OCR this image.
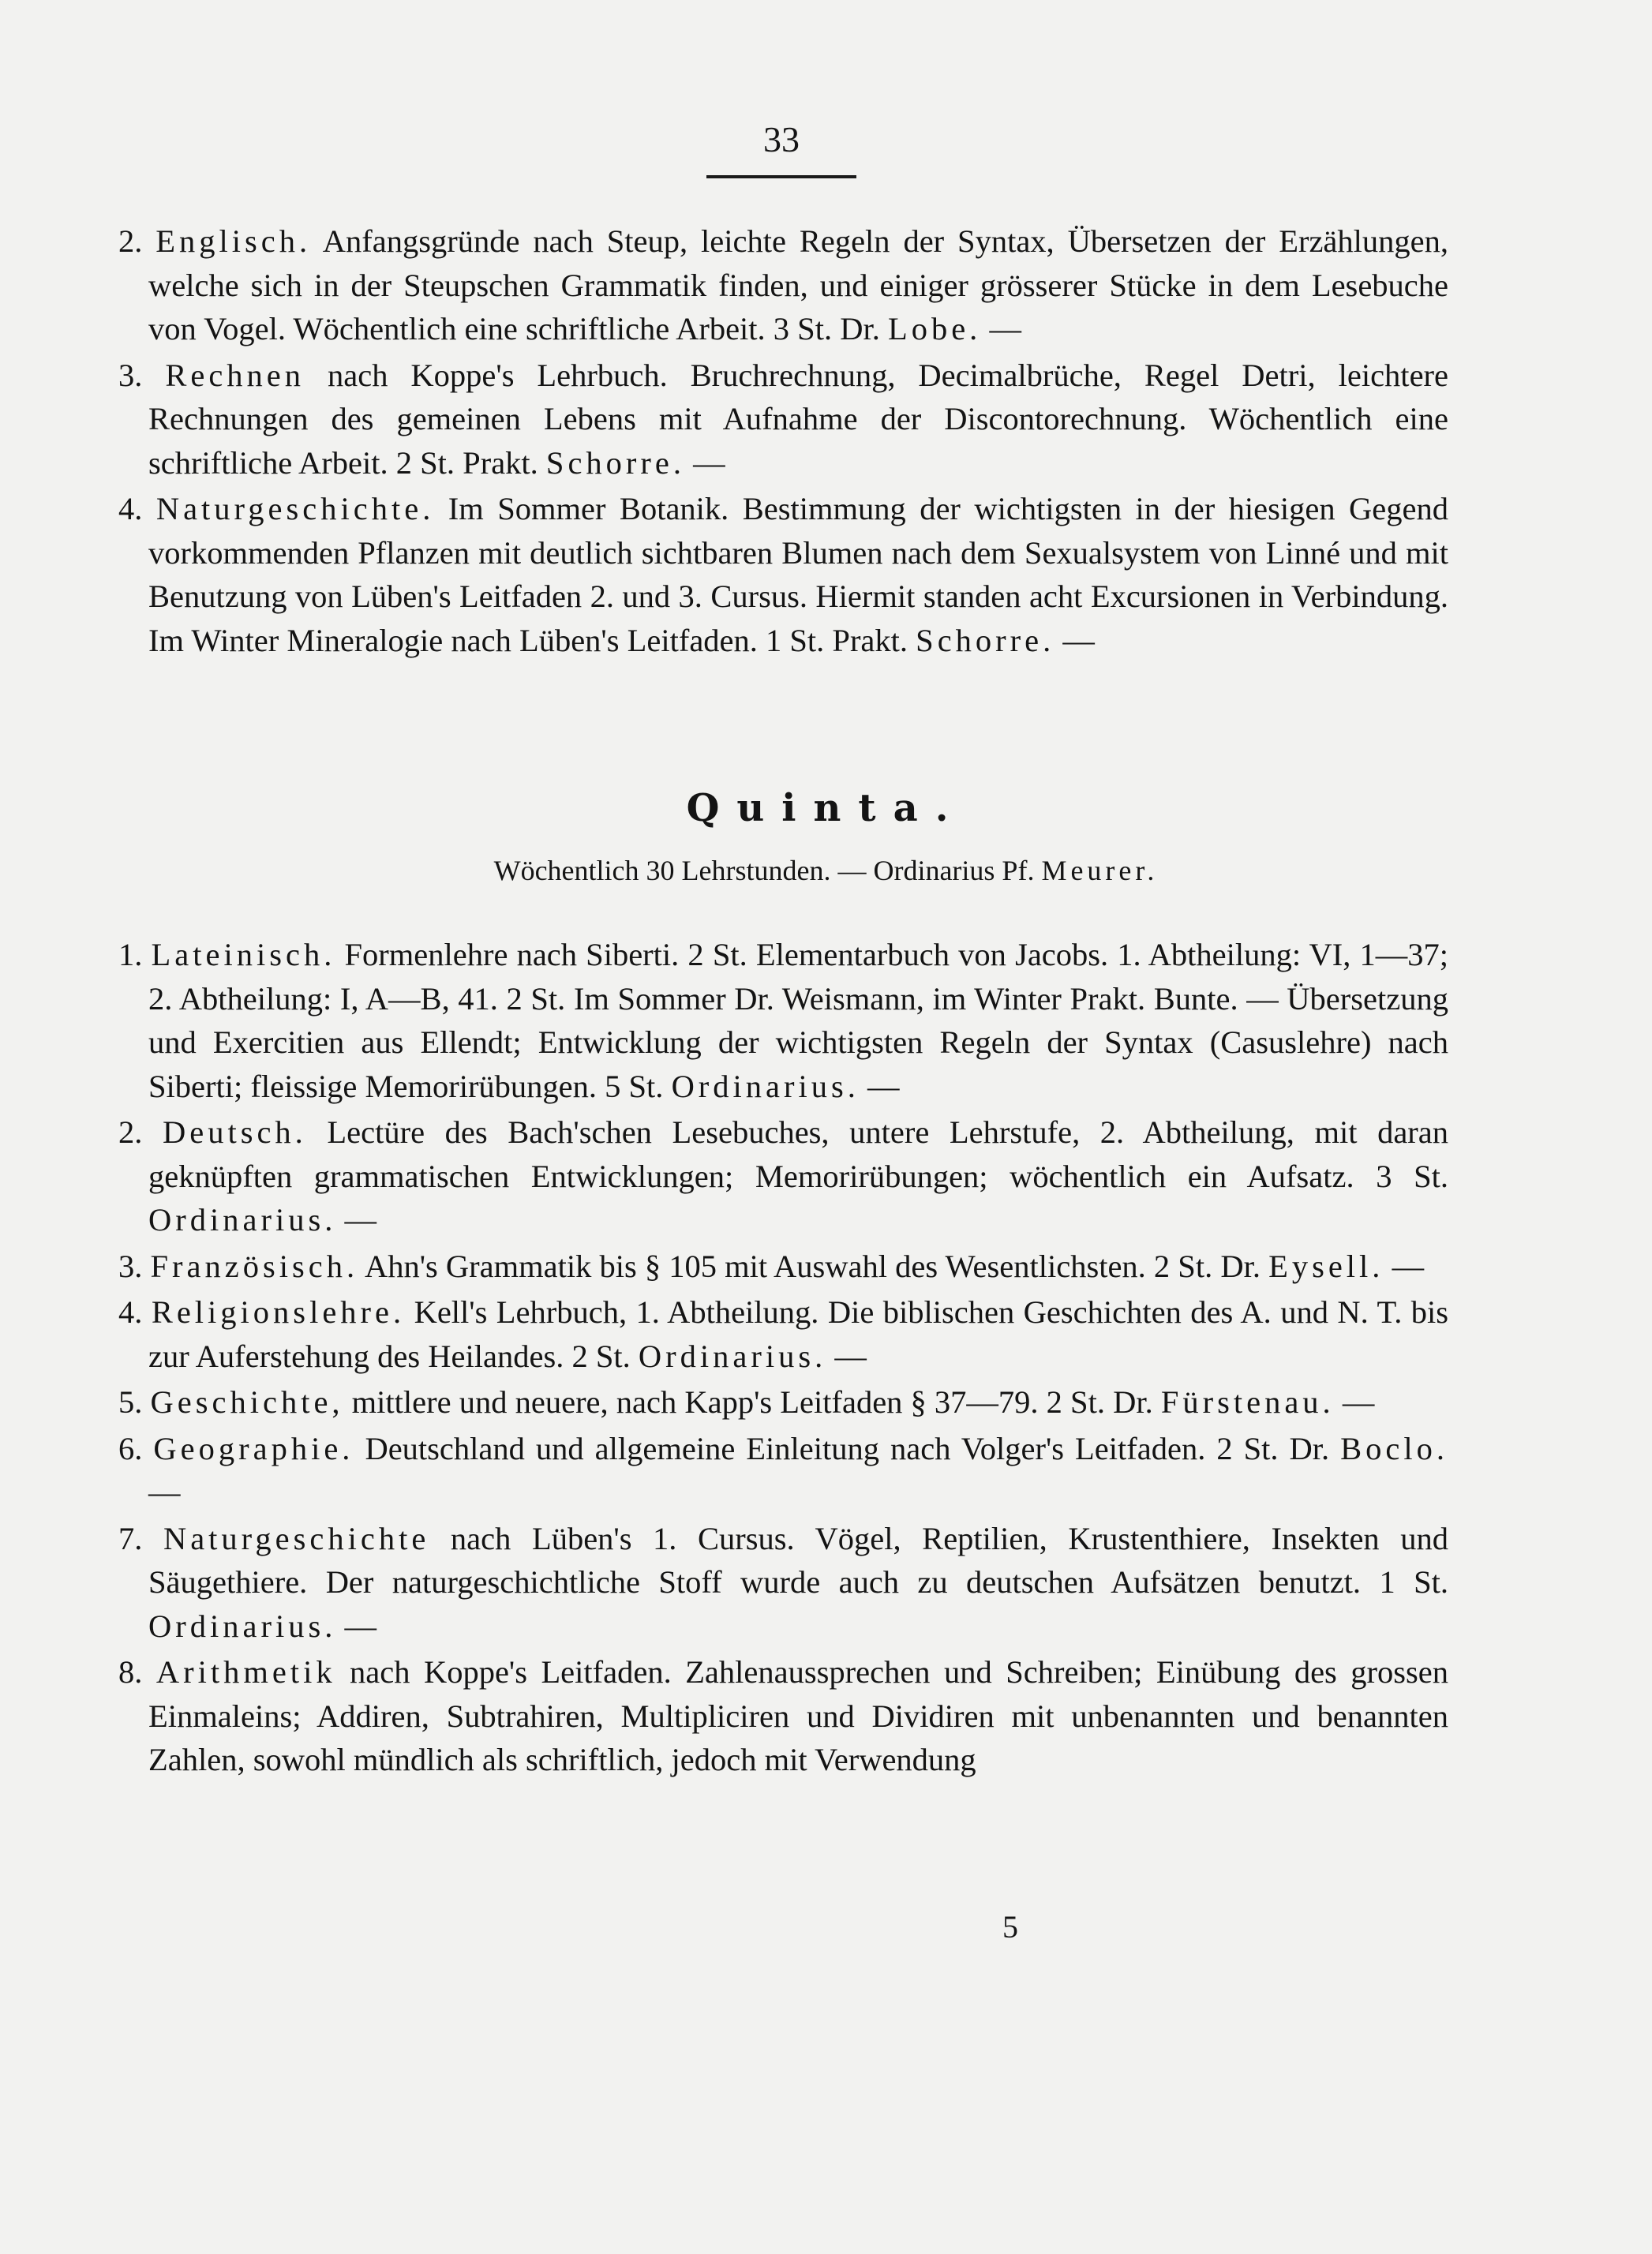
33
2. Englisch. Anfangsgründe nach Steup, leichte Regeln der Syntax, Übersetzen der Erzählungen, welche sich in der Steupschen Grammatik finden, und einiger grösserer Stücke in dem Lesebuche von Vogel. Wöchentlich eine schriftliche Arbeit. 3 St. Dr. Lobe. —
3. Rechnen nach Koppe's Lehrbuch. Bruchrechnung, Decimalbrüche, Regel Detri, leichtere Rechnungen des gemeinen Lebens mit Aufnahme der Discontorechnung. Wöchentlich eine schriftliche Arbeit. 2 St. Prakt. Schorre. —
4. Naturgeschichte. Im Sommer Botanik. Bestimmung der wichtigsten in der hiesigen Gegend vorkommenden Pflanzen mit deutlich sichtbaren Blumen nach dem Sexualsystem von Linné und mit Benutzung von Lüben's Leitfaden 2. und 3. Cursus. Hiermit standen acht Excursionen in Verbindung. Im Winter Mineralogie nach Lüben's Leitfaden. 1 St. Prakt. Schorre. —
Quinta.
Wöchentlich 30 Lehrstunden. — Ordinarius Pf. Meurer.
1. Lateinisch. Formenlehre nach Siberti. 2 St. Elementarbuch von Jacobs. 1. Abtheilung: VI, 1—37; 2. Abtheilung: I, A—B, 41. 2 St. Im Sommer Dr. Weismann, im Winter Prakt. Bunte. — Übersetzung und Exercitien aus Ellendt; Entwicklung der wichtigsten Regeln der Syntax (Casuslehre) nach Siberti; fleissige Memorirübungen. 5 St. Ordinarius. —
2. Deutsch. Lectüre des Bach'schen Lesebuches, untere Lehrstufe, 2. Abtheilung, mit daran geknüpften grammatischen Entwicklungen; Memorirübungen; wöchentlich ein Aufsatz. 3 St. Ordinarius. —
3. Französisch. Ahn's Grammatik bis § 105 mit Auswahl des Wesentlichsten. 2 St. Dr. Eysell. —
4. Religionslehre. Kell's Lehrbuch, 1. Abtheilung. Die biblischen Geschichten des A. und N. T. bis zur Auferstehung des Heilandes. 2 St. Ordinarius. —
5. Geschichte, mittlere und neuere, nach Kapp's Leitfaden § 37—79. 2 St. Dr. Fürstenau. —
6. Geographie. Deutschland und allgemeine Einleitung nach Volger's Leitfaden. 2 St. Dr. Boclo. —
7. Naturgeschichte nach Lüben's 1. Cursus. Vögel, Reptilien, Krustenthiere, Insekten und Säugethiere. Der naturgeschichtliche Stoff wurde auch zu deutschen Aufsätzen benutzt. 1 St. Ordinarius. —
8. Arithmetik nach Koppe's Leitfaden. Zahlenaussprechen und Schreiben; Einübung des grossen Einmaleins; Addiren, Subtrahiren, Multipliciren und Dividiren mit unbenannten und benannten Zahlen, sowohl mündlich als schriftlich, jedoch mit Verwendung
5
